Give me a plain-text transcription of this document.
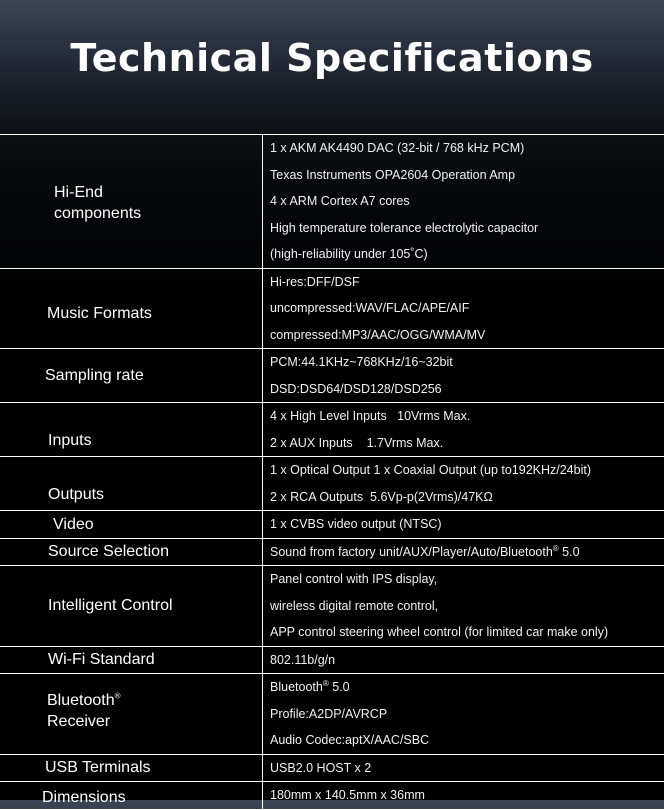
Technical Specifications
Hi-End components	1 x AKM AK4490 DAC (32-bit / 768 kHz PCM)
Texas Instruments OPA2604 Operation Amp
4 x ARM Cortex A7 cores
High temperature tolerance electrolytic capacitor
(high-reliability under 105˚C)

Music Formats	Hi-res:DFF/DSF
uncompressed:WAV/FLAC/APE/AIF
compressed:MP3/AAC/OGG/WMA/MV

Sampling rate	PCM:44.1KHz~768KHz/16~32bit
DSD:DSD64/DSD128/DSD256

Inputs	4 x High Level Inputs   10Vrms Max.
2 x AUX Inputs    1.7Vrms Max.

Outputs	1 x Optical Output 1 x Coaxial Output (up to192KHz/24bit)
2 x RCA Outputs  5.6Vp-p(2Vrms)/47KΩ

Video	1 x CVBS video output (NTSC)

Source Selection	Sound from factory unit/AUX/Player/Auto/Bluetooth® 5.0

Intelligent Control	Panel control with IPS display,
wireless digital remote control,
APP control steering wheel control (for limited car make only)

Wi-Fi Standard	802.11b/g/n

Bluetooth® Receiver	Bluetooth® 5.0
Profile:A2DP/AVRCP
Audio Codec:aptX/AAC/SBC

USB Terminals	USB2.0 HOST x 2

Dimensions	180mm x 140.5mm x 36mm
